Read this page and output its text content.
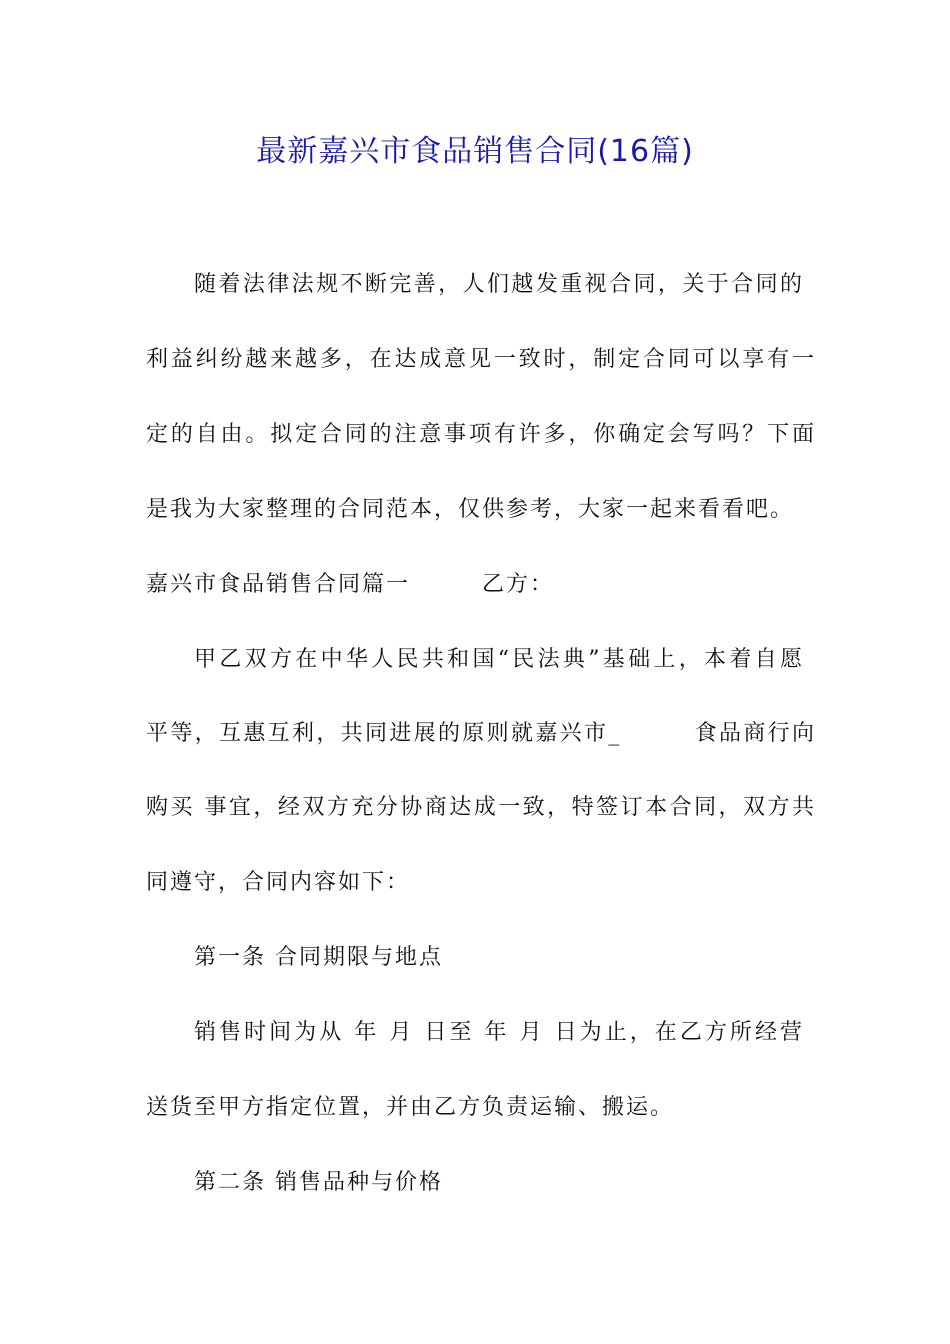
最新嘉兴市食品销售合同(16篇)
随着法律法规不断完善，人们越发重视合同，关于合同的
利益纠纷越来越多，在达成意见一致时，制定合同可以享有一
定的自由。拟定合同的注意事项有许多，你确定会写吗？下面
是我为大家整理的合同范本，仅供参考，大家一起来看看吧。
嘉兴市食品销售合同篇一　　　乙方：
甲乙双方在中华人民共和国“民法典”基础上，本着自愿
平等，互惠互利，共同进展的原则就嘉兴市_　　　食品商行向
购买 事宜，经双方充分协商达成一致，特签订本合同，双方共
同遵守，合同内容如下：
第一条 合同期限与地点
销售时间为从 年 月 日至 年 月 日为止，在乙方所经营
送货至甲方指定位置，并由乙方负责运输、搬运。
第二条 销售品种与价格
